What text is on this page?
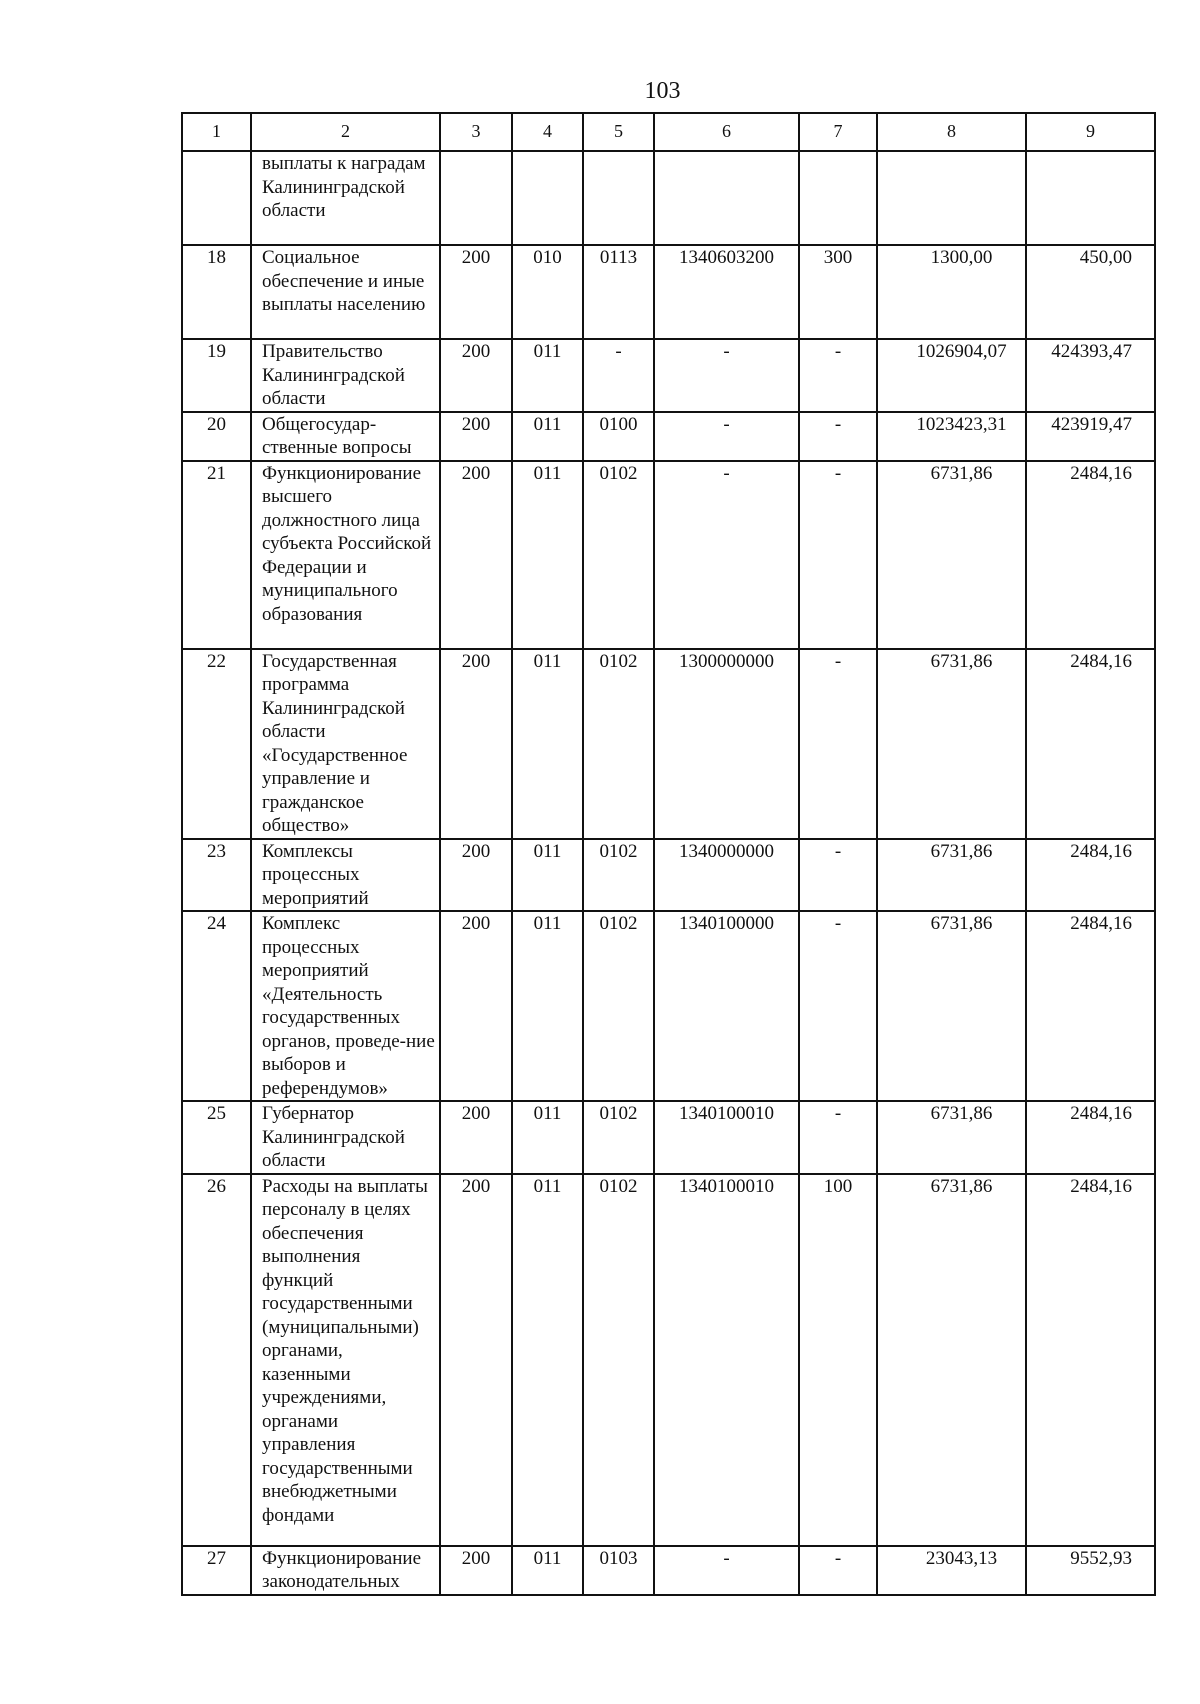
103
1	2	3	4	5	6	7	8	9
	выплаты к наградам Калининградской области							
18	Социальное обеспечение и иные выплаты населению	200	010	0113	1340603200	300	1300,00	450,00
19	Правительство Калининградской области	200	011	-	-	-	1026904,07	424393,47
20	Общегосудар-ственные вопросы	200	011	0100	-	-	1023423,31	423919,47
21	Функционирование высшего должностного лица субъекта Российской Федерации и муниципального образования	200	011	0102	-	-	6731,86	2484,16
22	Государственная программа Калининградской области «Государственное управление и гражданское общество»	200	011	0102	1300000000	-	6731,86	2484,16
23	Комплексы процессных мероприятий	200	011	0102	1340000000	-	6731,86	2484,16
24	Комплекс процессных мероприятий «Деятельность государственных органов, проведе-ние выборов и референдумов»	200	011	0102	1340100000	-	6731,86	2484,16
25	Губернатор Калининградской области	200	011	0102	1340100010	-	6731,86	2484,16
26	Расходы на выплаты персоналу в целях обеспечения выполнения функций государственными (муниципальными) органами, казенными учреждениями, органами управления государственными внебюджетными фондами	200	011	0102	1340100010	100	6731,86	2484,16
27	Функционирование законодательных	200	011	0103	-	-	23043,13	9552,93
